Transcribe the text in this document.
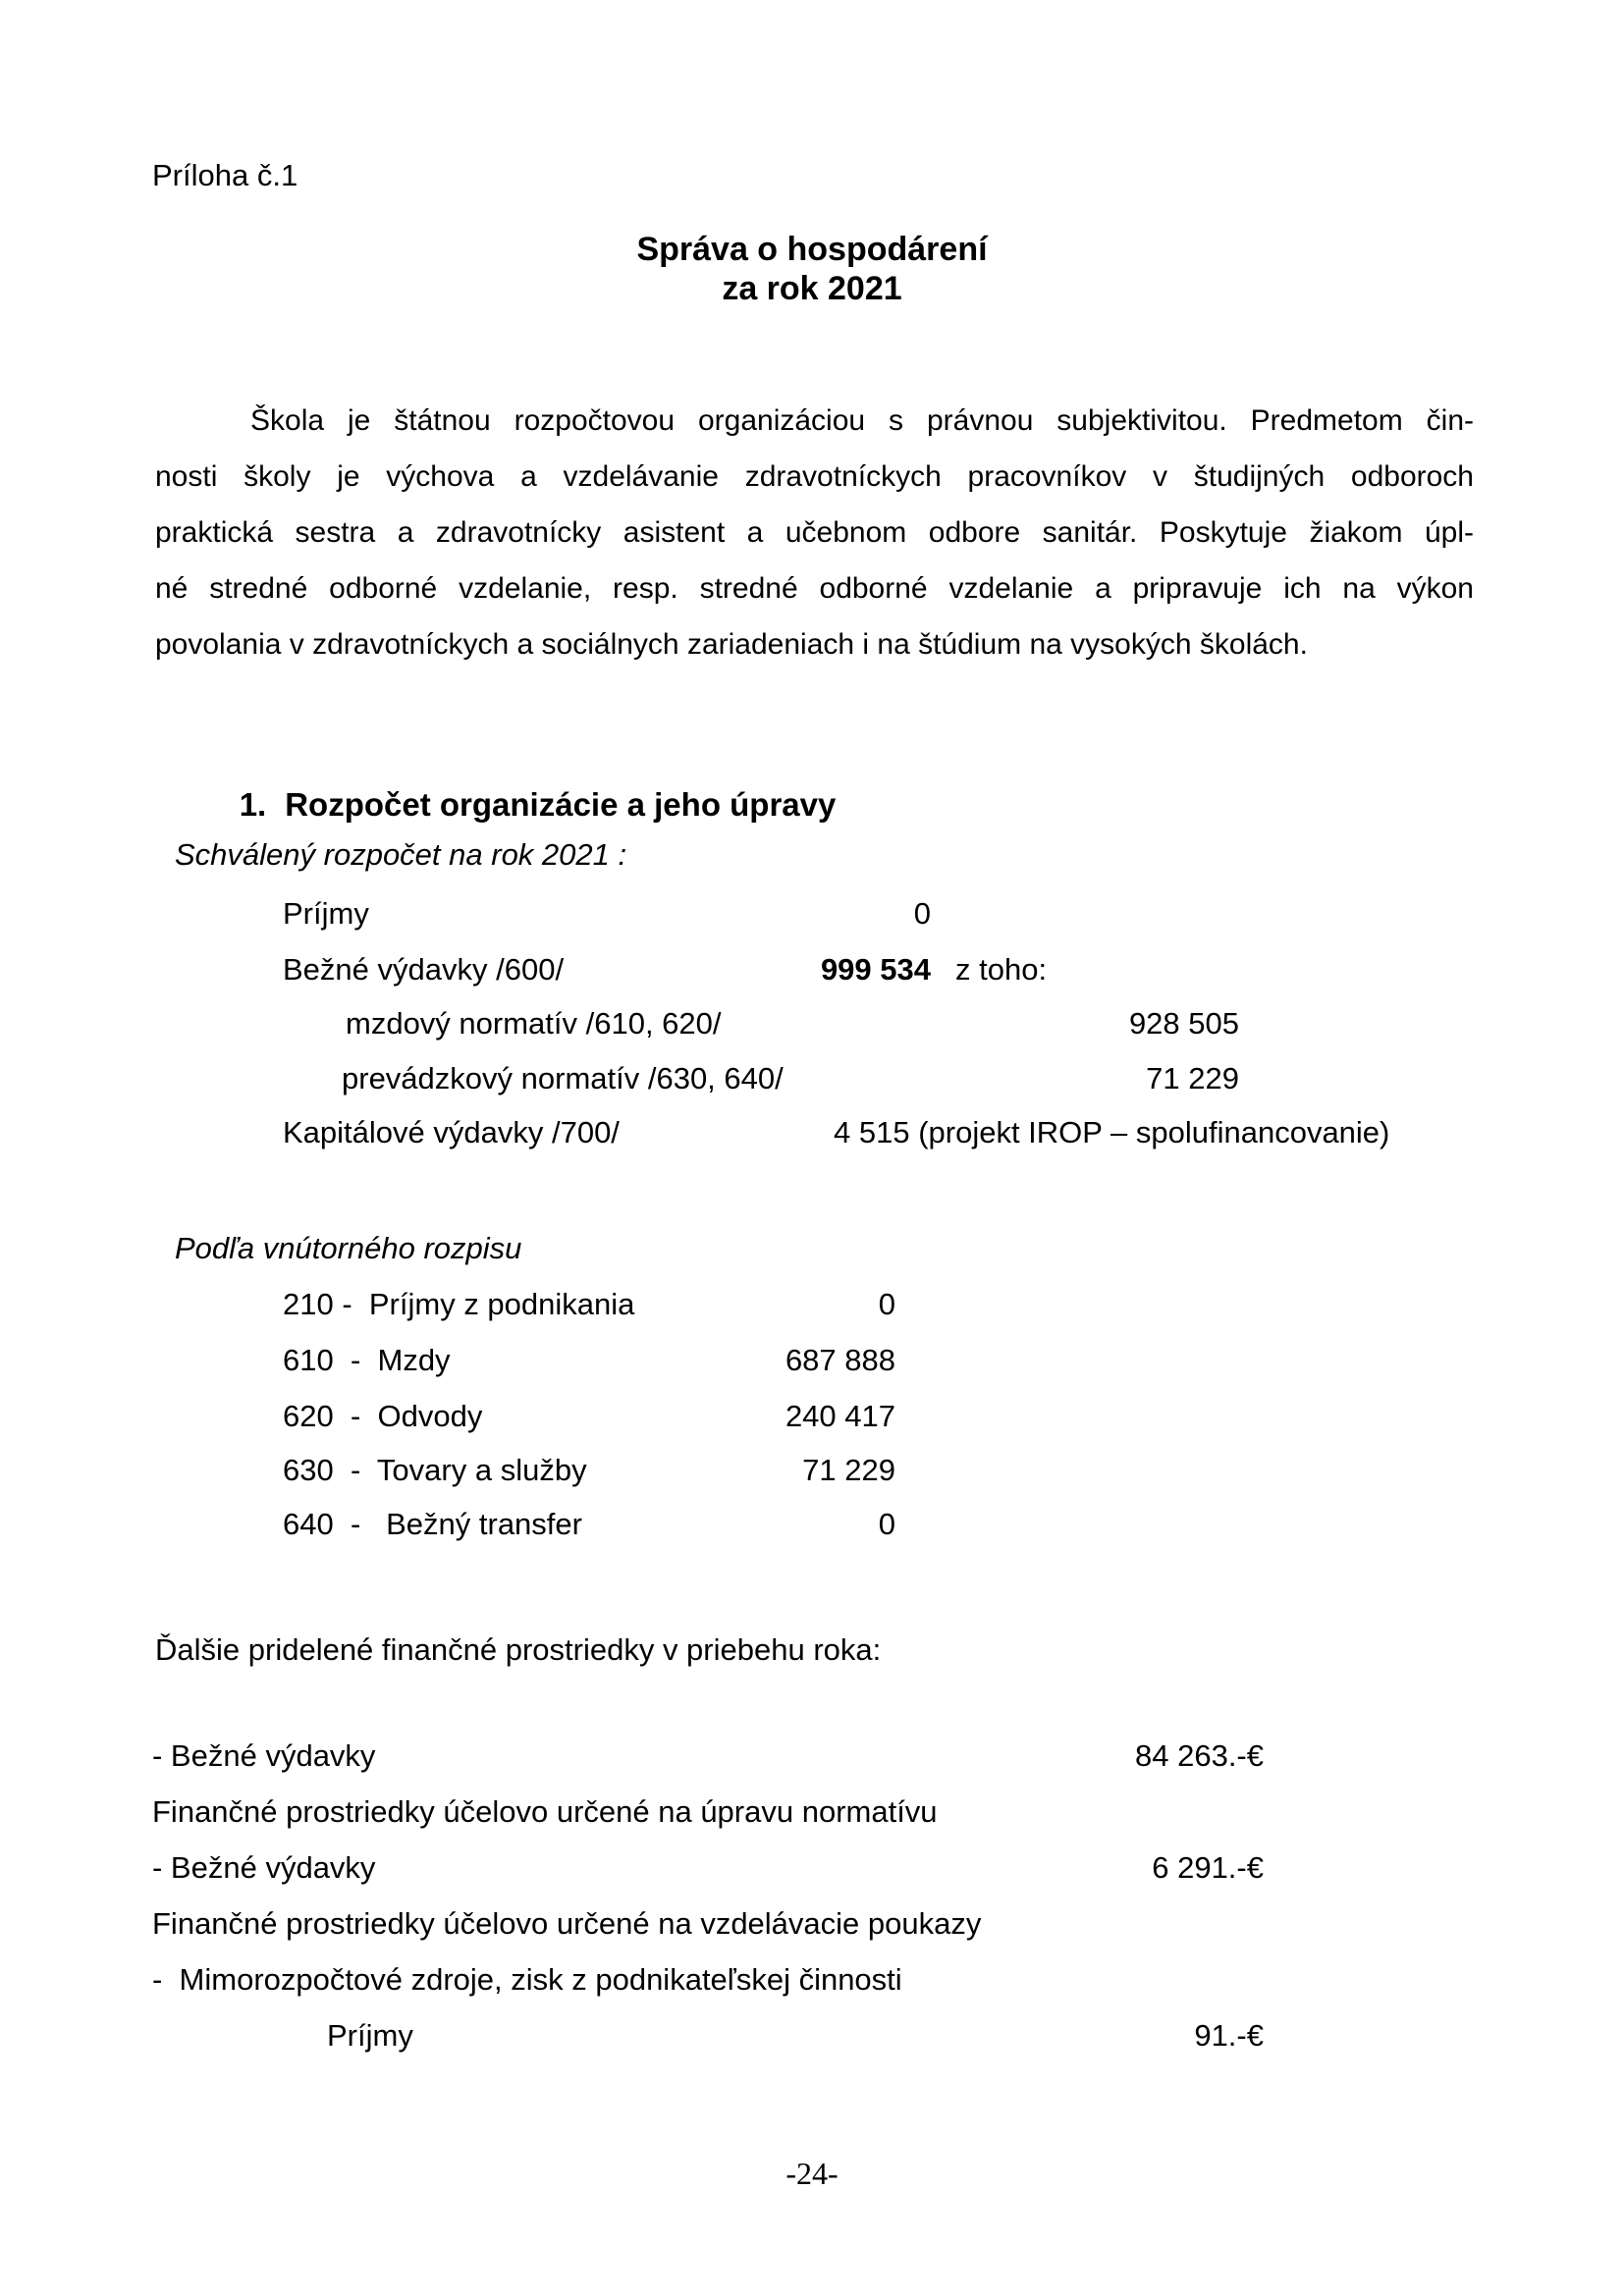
Príloha č.1
Správa o hospodárení
za rok 2021
Škola je štátnou rozpočtovou organizáciou s právnou subjektivitou. Predmetom čin-
nosti školy je výchova a vzdelávanie zdravotníckych pracovníkov v študijných odboroch
praktická sestra a zdravotnícky asistent a učebnom odbore sanitár. Poskytuje žiakom úpl-
né stredné odborné vzdelanie, resp. stredné odborné vzdelanie a pripravuje ich na výkon
povolania v zdravotníckych a sociálnych zariadeniach i na štúdium na vysokých školách.

1. Rozpočet organizácie a jeho úpravy

Schválený rozpočet na rok 2021 :
Príjmy	0
Bežné výdavky /600/	999 534 z toho:
mzdový normatív /610, 620/	928 505
prevádzkový normatív /630, 640/	71 229
Kapitálové výdavky /700/	4 515 (projekt IROP – spolufinancovanie)
Podľa vnútorného rozpisu
210 -  Príjmy z podnikania	0
610  -  Mzdy	687 888
620  -  Odvody	240 417
630  -  Tovary a služby	71 229
640  -   Bežný transfer	0
Ďalšie pridelené finančné prostriedky v priebehu roka:
- Bežné výdavky	84 263.-€
Finančné prostriedky účelovo určené na úpravu normatívu
- Bežné výdavky	6 291.-€
Finančné prostriedky účelovo určené na vzdelávacie poukazy
-  Mimorozpočtové zdroje, zisk z podnikateľskej činnosti
Príjmy	91.-€
-24-
